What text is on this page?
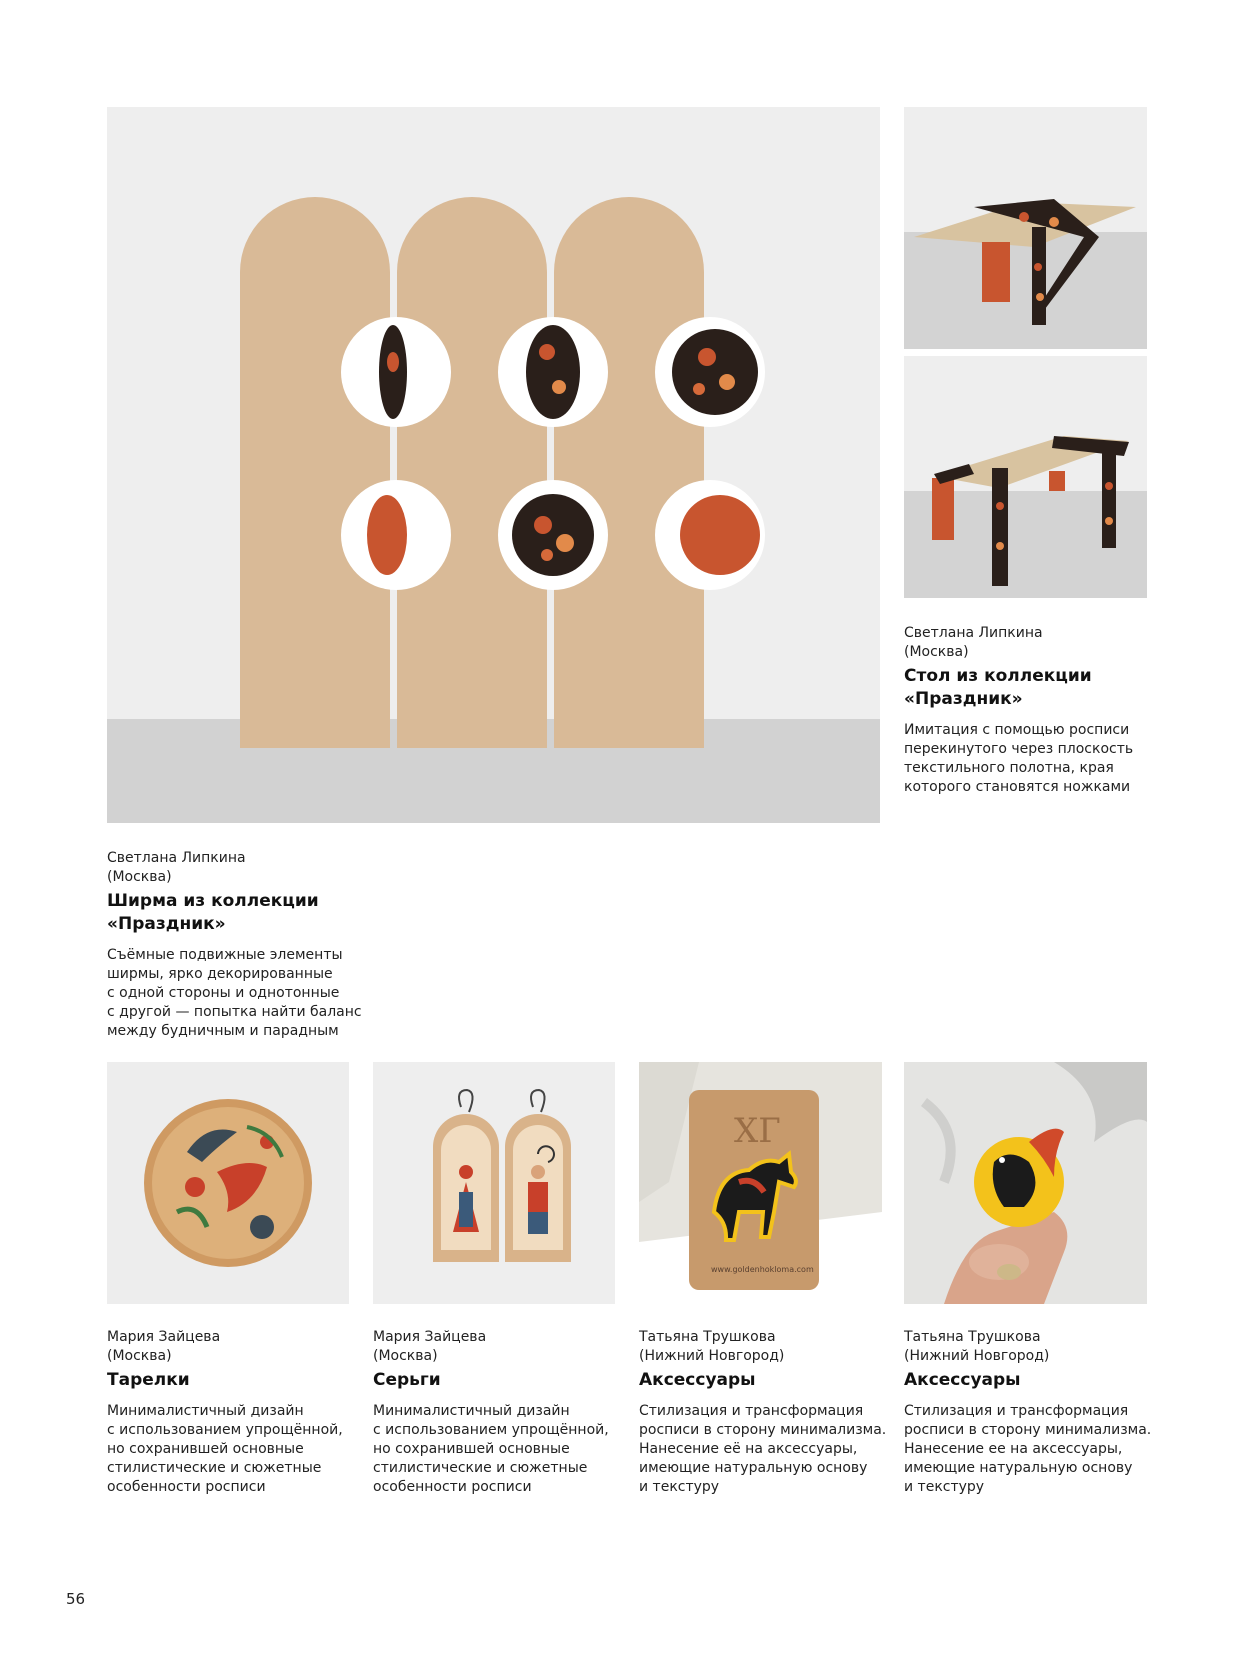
ХГ
www.goldenhokloma.com
Светлана Липкина
(Москва)
Стол из коллекции
«Праздник»
Имитация с помощью росписи
перекинутого через плоскость
текстильного полотна, края
которого становятся ножками
Светлана Липкина
(Москва)
Ширма из коллекции
«Праздник»
Съёмные подвижные элементы
ширмы, ярко декорированные
с одной стороны и однотонные
с другой — попытка найти баланс
между будничным и парадным
Мария Зайцева
(Москва)
Тарелки
Минималистичный дизайн
с использованием упрощённой,
но сохранившей основные
стилистические и сюжетные
особенности росписи
Мария Зайцева
(Москва)
Серьги
Минималистичный дизайн
с использованием упрощённой,
но сохранившей основные
стилистические и сюжетные
особенности росписи
Татьяна Трушкова
(Нижний Новгород)
Аксессуары
Стилизация и трансформация
росписи в сторону минимализма.
Нанесение её на аксессуары,
имеющие натуральную основу
и текстуру
Татьяна Трушкова
(Нижний Новгород)
Аксессуары
Стилизация и трансформация
росписи в сторону минимализма.
Нанесение ее на аксессуары,
имеющие натуральную основу
и текстуру
56
